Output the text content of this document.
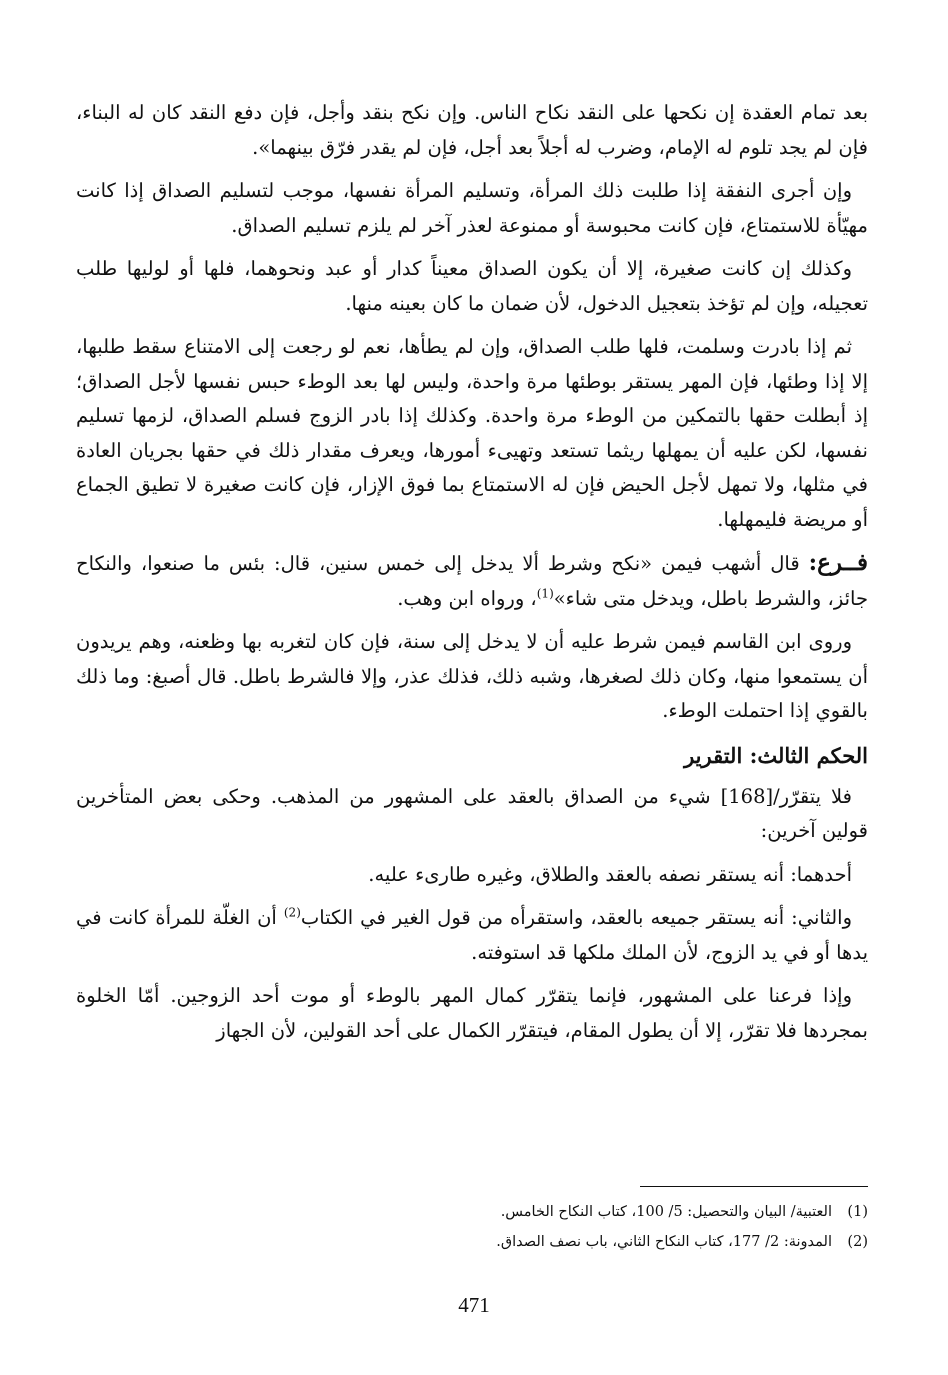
بعد تمام العقدة إن نكحها على النقد نكاح الناس. وإن نكح بنقد وأجل، فإن دفع النقد كان له البناء، فإن لم يجد تلوم له الإمام، وضرب له أجلاً بعد أجل، فإن لم يقدر فرّق بينهما».

وإن أجرى النفقة إذا طلبت ذلك المرأة، وتسليم المرأة نفسها، موجب لتسليم الصداق إذا كانت مهيّأة للاستمتاع، فإن كانت محبوسة أو ممنوعة لعذر آخر لم يلزم تسليم الصداق.

وكذلك إن كانت صغيرة، إلا أن يكون الصداق معيناً كدار أو عبد ونحوهما، فلها أو لوليها طلب تعجيله، وإن لم تؤخذ بتعجيل الدخول، لأن ضمان ما كان بعينه منها.

ثم إذا بادرت وسلمت، فلها طلب الصداق، وإن لم يطأها، نعم لو رجعت إلى الامتناع سقط طلبها، إلا إذا وطئها، فإن المهر يستقر بوطئها مرة واحدة، وليس لها بعد الوطء حبس نفسها لأجل الصداق؛ إذ أبطلت حقها بالتمكين من الوطء مرة واحدة. وكذلك إذا بادر الزوج فسلم الصداق، لزمها تسليم نفسها، لكن عليه أن يمهلها ريثما تستعد وتهيىء أمورها، ويعرف مقدار ذلك في حقها بجريان العادة في مثلها، ولا تمهل لأجل الحيض فإن له الاستمتاع بما فوق الإزار، فإن كانت صغيرة لا تطيق الجماع أو مريضة فليمهلها.

فــرع: قال أشهب فيمن «نكح وشرط ألا يدخل إلى خمس سنين، قال: بئس ما صنعوا، والنكاح جائز، والشرط باطل، ويدخل متى شاء»$^{(1)}$، ورواه ابن وهب.

وروى ابن القاسم فيمن شرط عليه أن لا يدخل إلى سنة، فإن كان لتغربه بها وظعنه، وهم يريدون أن يستمعوا منها، وكان ذلك لصغرها، وشبه ذلك، فذلك عذر، وإلا فالشرط باطل. قال أصبغ: وما ذلك بالقوي إذا احتملت الوطء.

الحكم الثالث: التقرير

فلا يتقرّر/[168] شيء من الصداق بالعقد على المشهور من المذهب. وحكى بعض المتأخرين قولين آخرين:

أحدهما: أنه يستقر نصفه بالعقد والطلاق، وغيره طارىء عليه.

والثاني: أنه يستقر جميعه بالعقد، واستقرأه من قول الغير في الكتاب$^{(2)}$ أن الغلّة للمرأة كانت في يدها أو في يد الزوج، لأن الملك ملكها قد استوفته.

وإذا فرعنا على المشهور، فإنما يتقرّر كمال المهر بالوطء أو موت أحد الزوجين. أمّا الخلوة بمجردها فلا تقرّر، إلا أن يطول المقام، فيتقرّر الكمال على أحد القولين، لأن الجهاز

(1)العتبية/ البيان والتحصيل: 5/ 100، كتاب النكاح الخامس.
(2)المدونة: 2/ 177، كتاب النكاح الثاني، باب نصف الصداق.
471
